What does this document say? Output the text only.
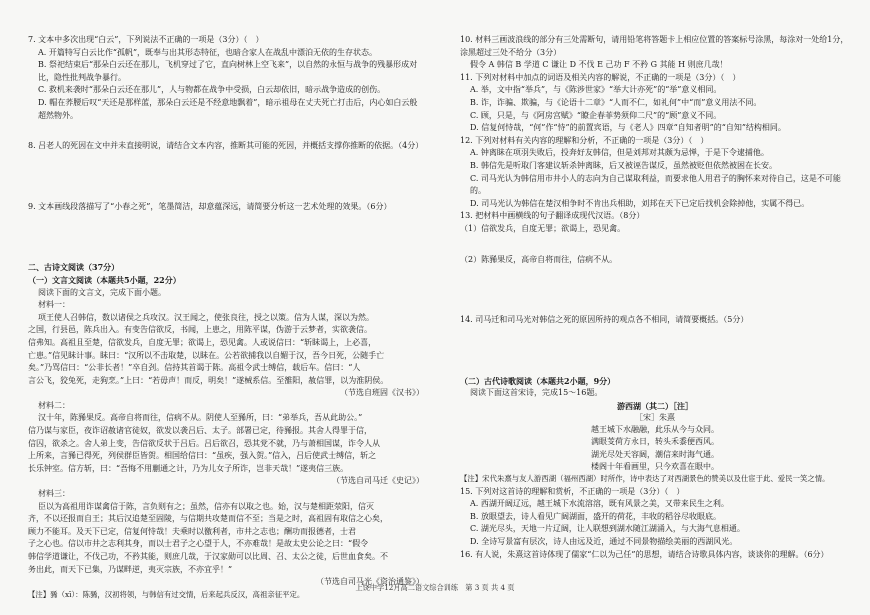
7. 文本中多次出现“白云”，下列说法不正确的一项是（3分）（　）

A. 开篇特写白云比作“孤帆”，既奉与出其形态特征，也暗合家人在战乱中漂泊无依的生存状态。

B. 祭祀结束后“那朵白云还在那儿，飞机穿过了它，直向树林上空飞来”，以自然的永恒与战争的残暴形成对比，隐性批判战争暴行。

C. 救机来袭时“那朵白云还在那儿”，人与物都在战争中受损，白云却依旧，暗示战争造成的创伤。

D. 帽在荞腰后叹“天还是那样蓝，那朵白云还是不经意地飘着”，暗示祖母在丈夫死亡打击后，内心如白云般超然物外。

8. 吕老人的死因在文中并未直接明说，请结合文本内容，推断其可能的死因，并概括支撑你推断的依据。（4分）

9. 文本画线段落描写了“小春之死”，笔墨简洁，却意蕴深远，请简要分析这一艺术处理的效果。（6分）

二、古诗文阅读（37分）

（一）文言文阅读（本题共5小题，22分）

阅读下面的文言文，完成下面小题。

材料一：

项王使人召韩信，数以诸侯之兵攻汉。汉王闻之，使张良往，授之以策。信为人谋，深以为然。

之国，行县邑，陈兵出入。有变告信欲反，书闻，上患之，用陈平谋，伪游于云梦者，实欲袭信。

信弗知。高祖且至楚，信欲发兵，自度无罪；欲谒上，恐见禽。人或说信曰：“斩眛谒上，上必喜，

亡患。”信见眛计事。眛曰：“汉所以不击取楚，以眛在。公若欲捕我以自媚于汉，吾今日死，公随手亡

矣。”乃骂信曰：“公非长者！”卒自刭。信持其首谒于陈。高祖令武士缚信，载后车。信曰：“人

言公飞，狡兔死，走狗烹。”上曰：“若毋声！而反，明矣！”遂械系信。至雒阳，赦信罪，以为淮阴侯。

（节选自班固《汉书》）

材料二：

汉十年，陈豨果反。高帝自将而往，信病不从。阴使人至豨所，曰：“弟举兵，吾从此助公。”

信乃谋与家臣，夜诈诏赦诸官徒奴，欲发以袭吕后、太子。部署已定，待豨报。其舍人得罪于信，

信囚，欲杀之。舍人弟上变，告信欲反状于吕后。吕后欲召，恐其党不就，乃与萧相国谋，诈令人从

上所来，言豨已得死，列侯群臣皆贺。相国给信曰：“虽疾，强入贺。”信入，吕后使武士缚信，斩之

长乐钟室。信方斩，曰：“吾悔不用蒯通之计，乃为儿女子所诈，岂非天哉！”遂夷信三族。

（节选自司马迁《史记》）

材料三：

臣以为高祖用诈谋禽信于陈，言负则有之；虽然，信亦有以取之也。始，汉与楚相距荥阳，信灭

齐，不以还报而自王；其后汉追楚至固陵，与信期共攻楚而信不至；当是之时，高祖固有取信之心矣，

顾力不能耳。及天下已定，信复何恃哉！夫乘时以徼利者，市井之志也；酬功而报德者，士君

子之心也。信以市井之志利其身，而以士君子之心望于人，不亦难哉！是故太史公论之曰：“假令

韩信学道谦让，不伐己功，不矜其能，则庶几哉，于汉家勋可以比周、召、太公之徒，后世血食矣。不

务出此，而天下已集，乃谋畔逆，夷灭宗族，不亦宜乎！”

（节选自司马光《资治通鉴》）

【注】豨（xī）：陈豨，汉初将领，与韩信有过交情，后来起兵反汉，高祖亲征平定。

10. 材料三画波浪线的部分有三处需断句，请用铅笔将答题卡上相应位置的答案标号涂黑，每涂对一处给1分，涂黑超过三处不给分（3分）

假令 A 韩信 B 学道 C 谦让 D 不伐 E 己功 F 不矜 G 其能 H 则庶几哉！

11. 下列对材料中加点的词语及相关内容的解说，不正确的一项是（3分）（　）

A. 举，文中指“举兵”，与《陈涉世家》“举大计亦死”的“举”意义相同。

B. 诈，诈骗、欺骗，与《论语十二章》“人而不仁，如礼何”中“而”意义用法不同。

C. 顾，只是，与《阿房宫赋》“瞭企春菲势须仰二尺”的“顾”意义不同。

D. 信复何恃哉，“何”作“恃”的前置宾语，与《老人》四章“自知者明”的“自知”结构相同。

12. 下列对材料有关内容的理解和分析，不正确的一项是（3分）（　）

A. 钟离眛在项羽失败后，投奔好友韩信，但是刘邦对其颇为忌惮，于是下令逮捕他。

B. 韩信先是听取门客建议斩杀钟离眛，后又被诬告谋反，虽然被贬但依然被困在长安。

C. 司马光认为韩信用市井小人的志向为自己谋取利益，而要求他人用君子的胸怀来对待自己，这是不可能的。

D. 司马光认为韩信在楚汉相争时不肯出兵相助，刘邦在天下已定后找机会除掉他，实属不得已。

13. 把材料中画横线的句子翻译成现代汉语。（8分）

（1）信欲发兵，自度无罪；欲谒上，恐见禽。

（2）陈豨果反，高帝自将而往，信病不从。

14. 司马迁和司马光对韩信之死的原因所持的观点各不相同，请简要概括。（5分）

（二）古代诗歌阅读（本题共2小题，9分）

阅读下面这首宋诗，完成15～16题。

游西湖（其二）［注］

［宋］朱熹

越王城下水融融，此乐从今与众同。

满眼芰荷方永日，转头禾黍便西风。

湖光尽处天容阔，潮信来时海气通。

楼阁十年看画里，只今欢喜在眼中。

【注】宋代朱熹与友人游西湖（福州西湖）时所作，诗中表达了对西湖景色的赞美以及仕宦于此、爱民一笑之情。

15. 下列对这首诗的理解和赏析，不正确的一项是（3分）（　）

A. 西湖开阔辽远，越王城下水流溶溶，既有风景之美，又带来民生之利。

B. 放眼望去，诗人看见广阔湖面，盛开的荷花，丰收的稻谷尽收眼底。

C. 湖光尽头，天地一片辽阔，让人联想到湖水随江湖涌入，与大海气息相通。

D. 全诗写景富有层次，诗人由远及近，通过不同景物描绘美丽的西湖风光。

16. 有人说，朱熹这首诗体现了儒家“仁以为己任”的思想，请结合诗歌具体内容，谈谈你的理解。（6分）

上饶中学12月高二语文综合训练　第 3 页 共 4 页
